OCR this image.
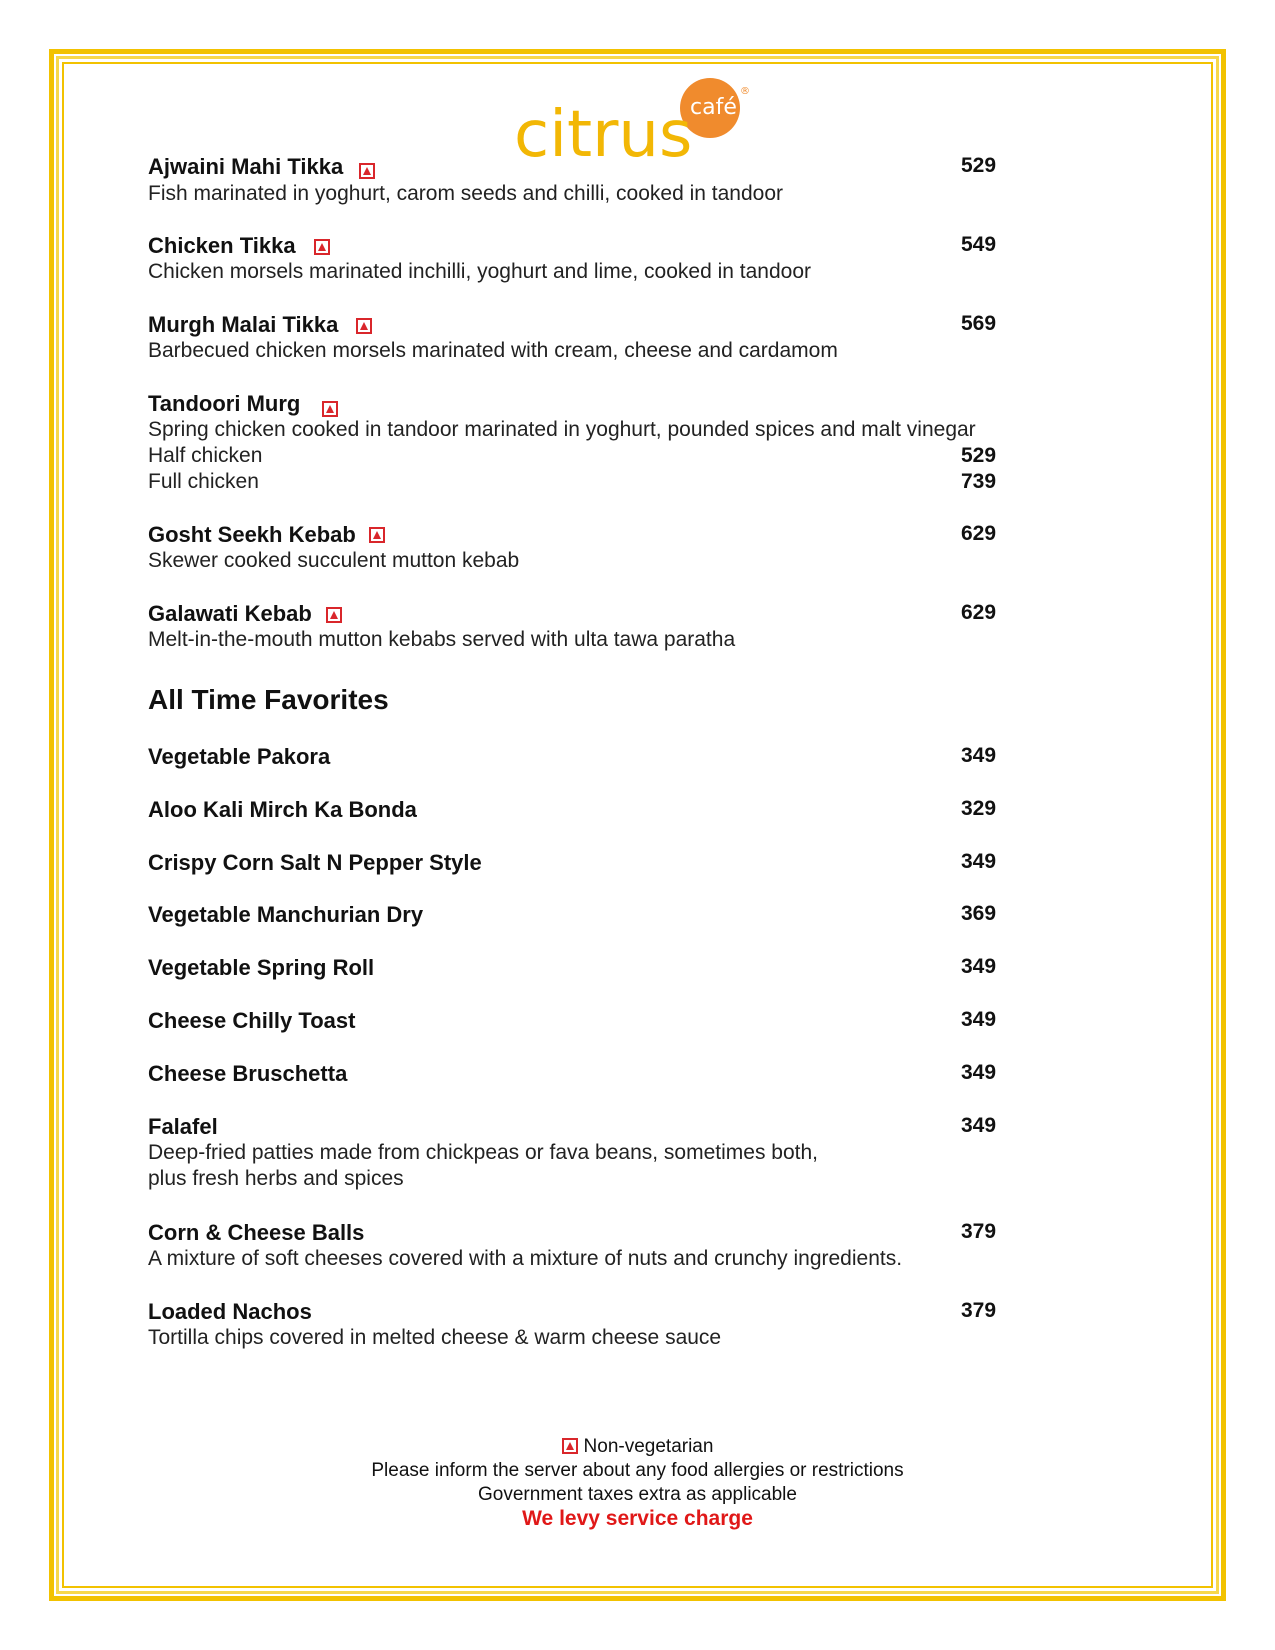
citrus
café
®
Ajwaini Mahi Tikka	529
Fish marinated in yoghurt, carom seeds and chilli, cooked in tandoor
Chicken Tikka	549
Chicken morsels marinated inchilli, yoghurt and lime, cooked in tandoor
Murgh Malai Tikka	569
Barbecued chicken morsels marinated with cream, cheese and cardamom
Tandoori Murg
Spring chicken cooked in tandoor marinated in yoghurt, pounded spices and malt vinegar
Half chicken	529
Full chicken	739
Gosht Seekh Kebab	629
Skewer cooked succulent mutton kebab
Galawati Kebab	629
Melt-in-the-mouth mutton kebabs served with ulta tawa paratha
All Time Favorites
Vegetable Pakora	349
Aloo Kali Mirch Ka Bonda	329
Crispy Corn Salt N Pepper Style	349
Vegetable Manchurian Dry	369
Vegetable Spring Roll	349
Cheese Chilly Toast	349
Cheese Bruschetta	349
Falafel	349
Deep-fried patties made from chickpeas or fava beans, sometimes both,
plus fresh herbs and spices
Corn & Cheese Balls	379
A mixture of soft cheeses covered with a mixture of nuts and crunchy ingredients.
Loaded Nachos	379
Tortilla chips covered in melted cheese & warm cheese sauce
Non-vegetarian
Please inform the server about any food allergies or restrictions
Government taxes extra as applicable
We levy service charge
